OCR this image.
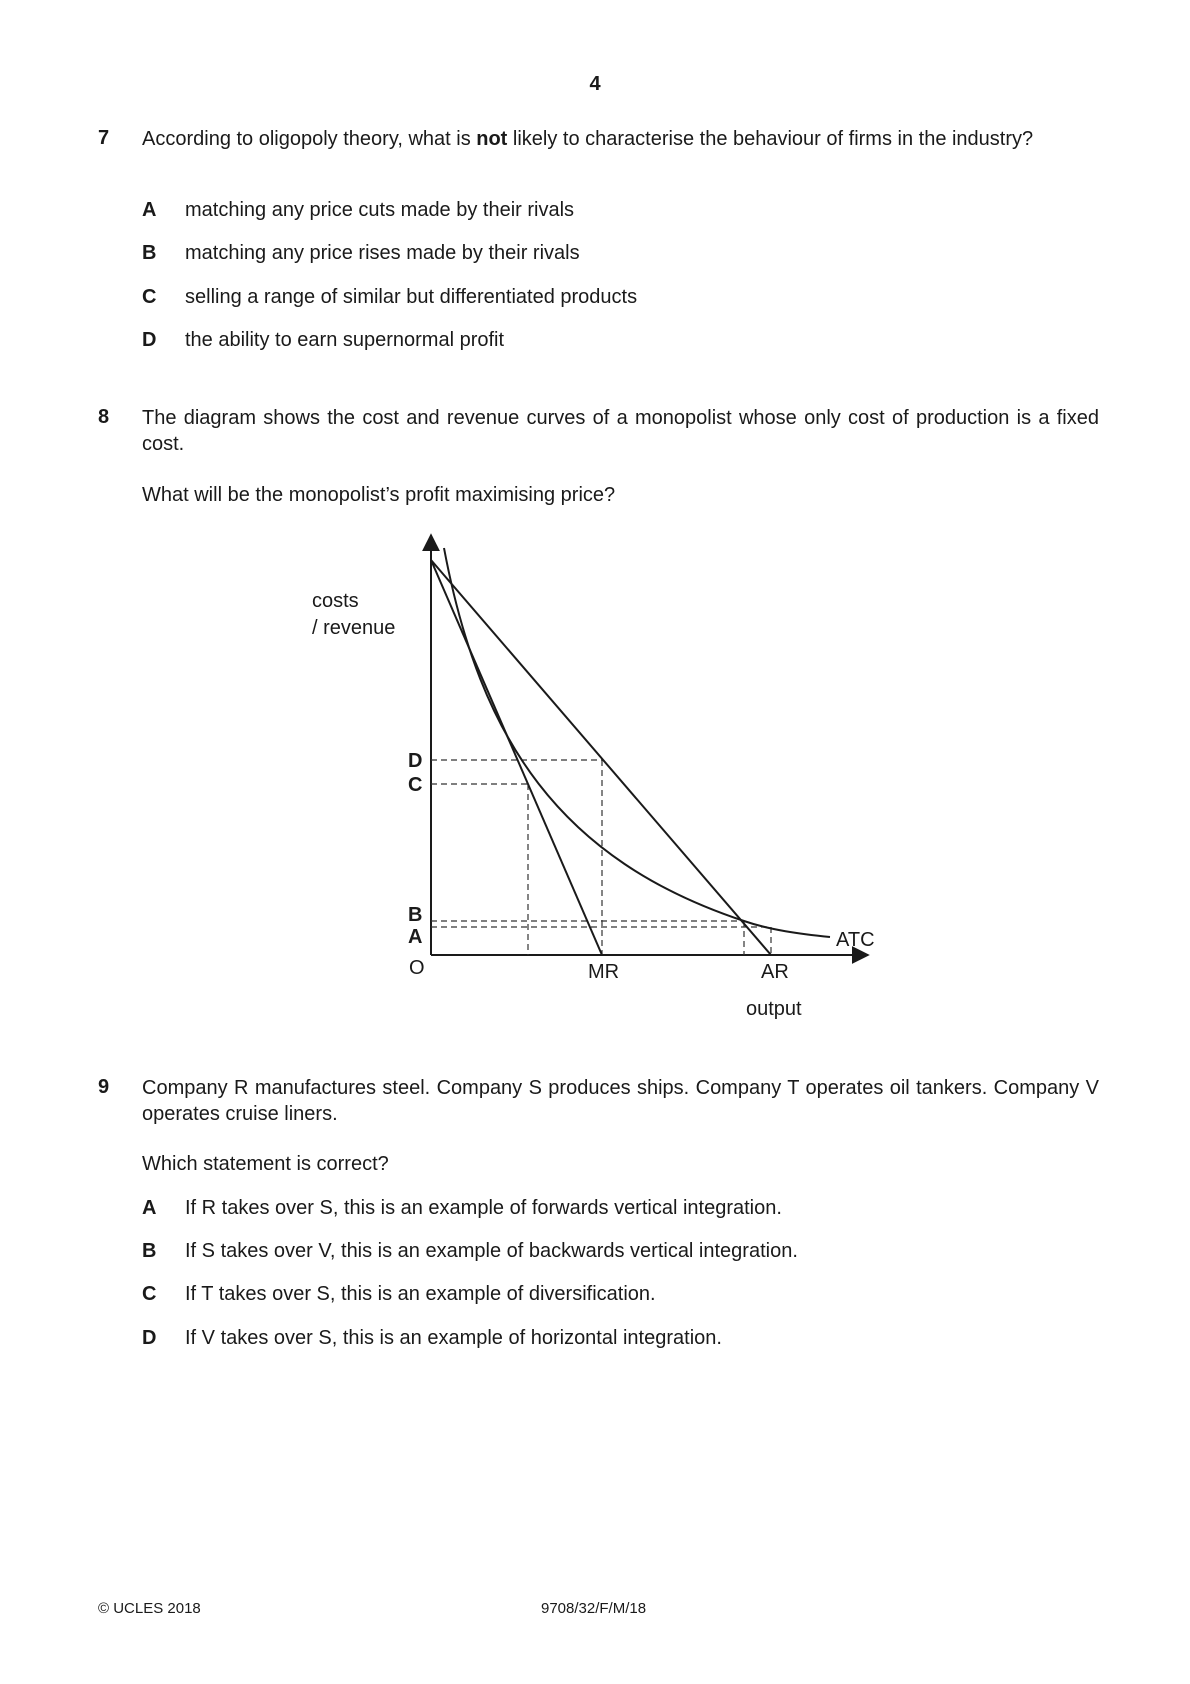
4
7 According to oligopoly theory, what is not likely to characterise the behaviour of firms in the industry?
A matching any price cuts made by their rivals
B matching any price rises made by their rivals
C selling a range of similar but differentiated products
D the ability to earn supernormal profit
8 The diagram shows the cost and revenue curves of a monopolist whose only cost of production is a fixed cost.
What will be the monopolist’s profit maximising price?
costs
/ revenue
D
C
B
A
O	MR	AR
ATC
output
9 Company R manufactures steel. Company S produces ships. Company T operates oil tankers. Company V operates cruise liners.
Which statement is correct?
A If R takes over S, this is an example of forwards vertical integration.
B If S takes over V, this is an example of backwards vertical integration.
C If T takes over S, this is an example of diversification.
D If V takes over S, this is an example of horizontal integration.
© UCLES 2018	9708/32/F/M/18
